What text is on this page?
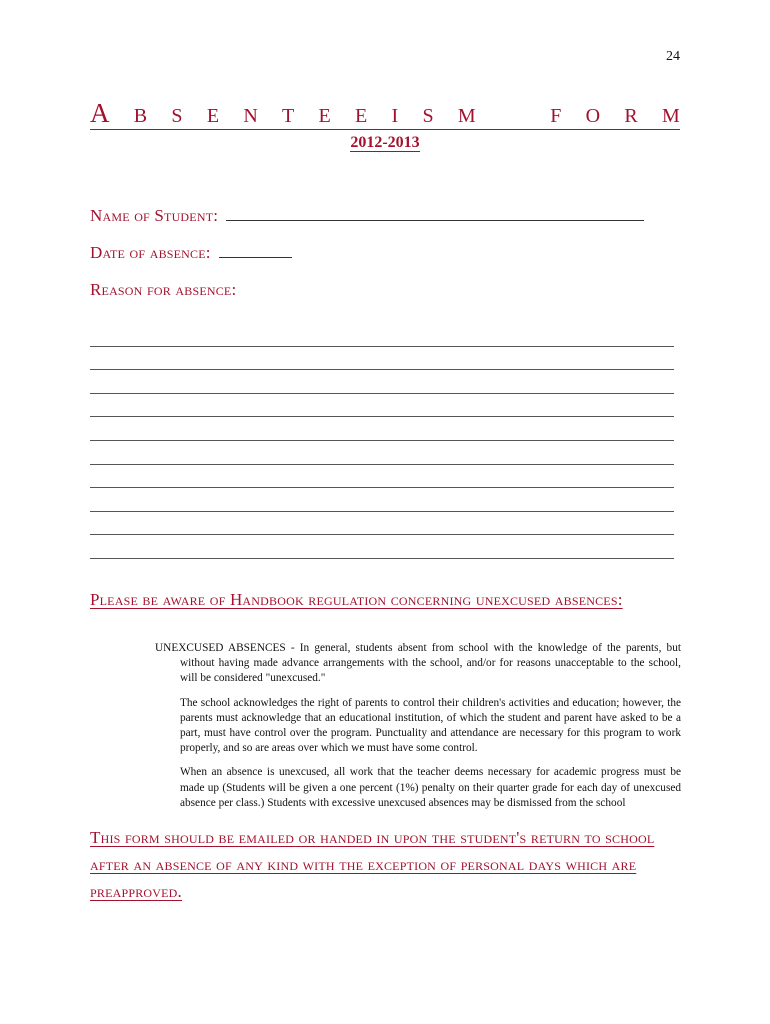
24
A B S E N T E E I S M	F O R M
2012-2013
Name of Student:
Date of absence:
Reason for absence:
Please be aware of Handbook regulation concerning unexcused absences:

UNEXCUSED ABSENCES - In general, students absent from school with the knowledge of the parents, but without having made advance arrangements with the school, and/or for reasons unacceptable to the school, will be considered "unexcused."

The school acknowledges the right of parents to control their children's activities and education; however, the parents must acknowledge that an educational institution, of which the student and parent have asked to be a part, must have control over the program. Punctuality and attendance are necessary for this program to work properly, and so are areas over which we must have some control.

When an absence is unexcused, all work that the teacher deems necessary for academic progress must be made up (Students will be given a one percent (1%) penalty on their quarter grade for each day of unexcused absence per class.) Students with excessive unexcused absences may be dismissed from the school

This form should be emailed or handed in upon the student's return to school after an absence of any kind with the exception of personal days which are preapproved.
